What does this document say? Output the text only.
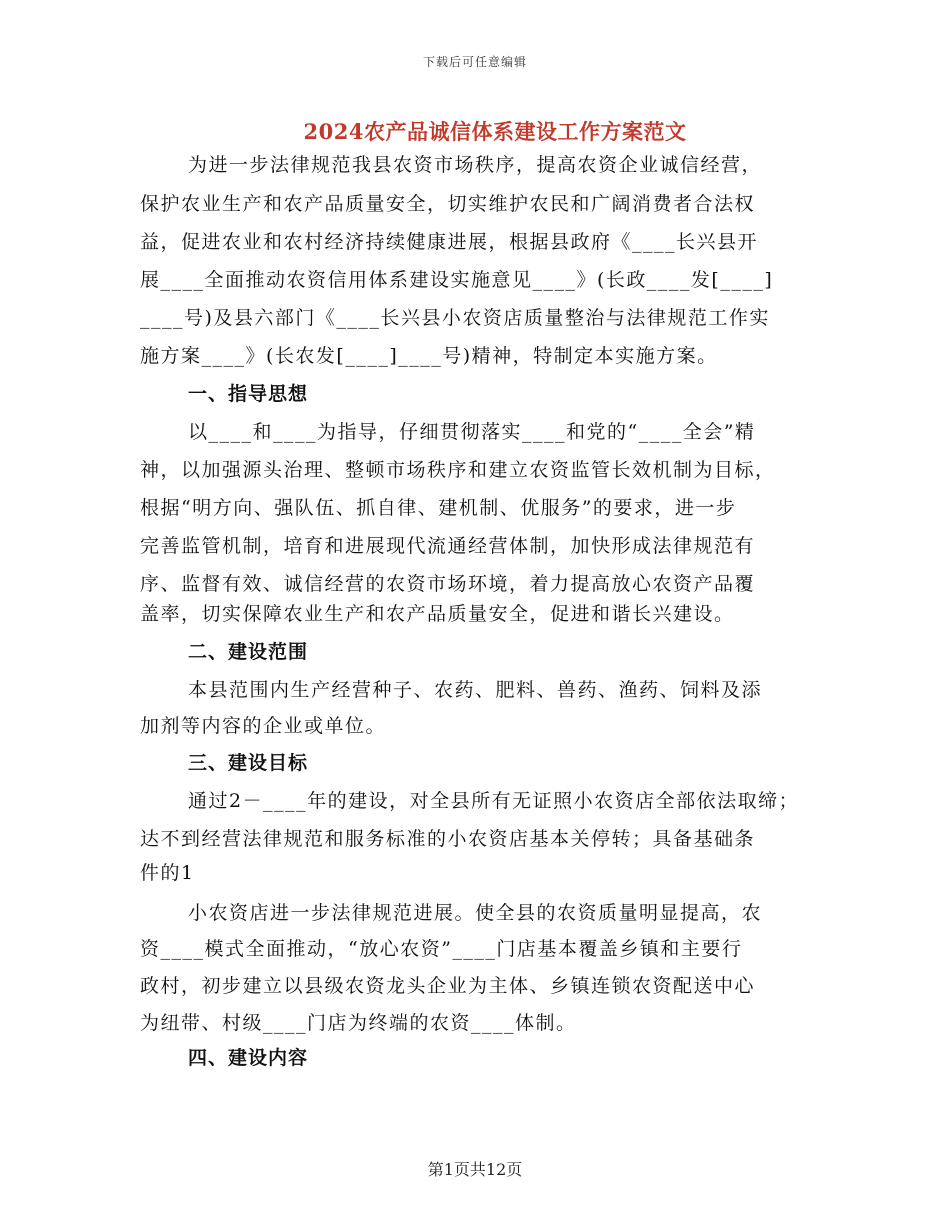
下载后可任意编辑
2024农产品诚信体系建设工作方案范文
为进一步法律规范我县农资市场秩序，提高农资企业诚信经营，
保护农业生产和农产品质量安全，切实维护农民和广阔消费者合法权
益，促进农业和农村经济持续健康进展，根据县政府《____长兴县开
展____全面推动农资信用体系建设实施意见____》(长政____发[____]
____号)及县六部门《____长兴县小农资店质量整治与法律规范工作实
施方案____》(长农发[____]____号)精神，特制定本实施方案。
一、指导思想
以____和____为指导，仔细贯彻落实____和党的“____全会”精
神，以加强源头治理、整顿市场秩序和建立农资监管长效机制为目标，
根据“明方向、强队伍、抓自律、建机制、优服务”的要求，进一步
完善监管机制，培育和进展现代流通经营体制，加快形成法律规范有
序、监督有效、诚信经营的农资市场环境，着力提高放心农资产品覆
盖率，切实保障农业生产和农产品质量安全，促进和谐长兴建设。
二、建设范围
本县范围内生产经营种子、农药、肥料、兽药、渔药、饲料及添
加剂等内容的企业或单位。
三、建设目标
通过2－____年的建设，对全县所有无证照小农资店全部依法取缔；
达不到经营法律规范和服务标准的小农资店基本关停转；具备基础条
件的1
小农资店进一步法律规范进展。使全县的农资质量明显提高，农
资____模式全面推动，“放心农资”____门店基本覆盖乡镇和主要行
政村，初步建立以县级农资龙头企业为主体、乡镇连锁农资配送中心
为纽带、村级____门店为终端的农资____体制。
四、建设内容
第1页共12页
